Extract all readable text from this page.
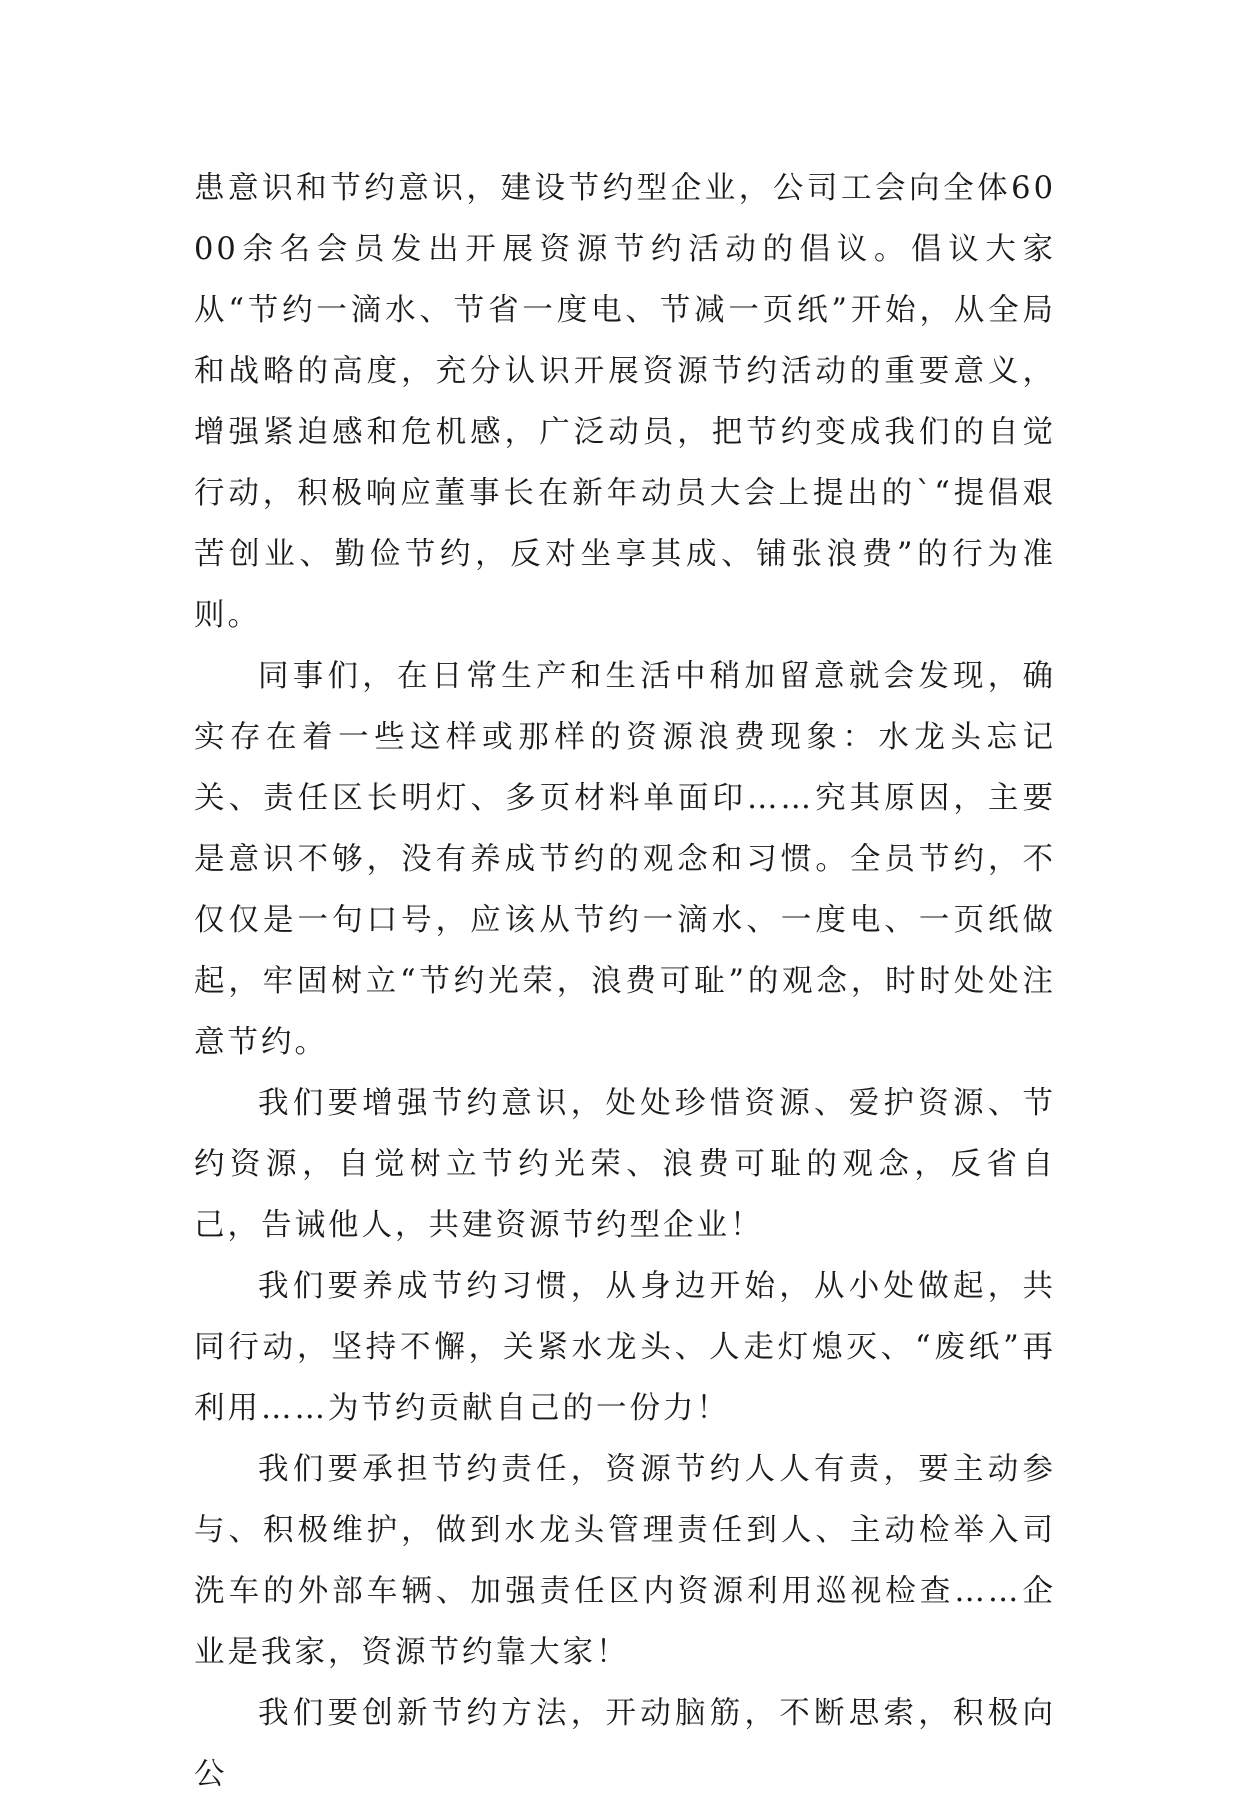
患意识和节约意识，建设节约型企业，公司工会向全体6000余名会员发出开展资源节约活动的倡议。倡议大家从“节约一滴水、节省一度电、节减一页纸”开始，从全局和战略的高度，充分认识开展资源节约活动的重要意义，增强紧迫感和危机感，广泛动员，把节约变成我们的自觉行动，积极响应董事长在新年动员大会上提出的`“提倡艰苦创业、勤俭节约，反对坐享其成、铺张浪费”的行为准则。

同事们，在日常生产和生活中稍加留意就会发现，确实存在着一些这样或那样的资源浪费现象：水龙头忘记关、责任区长明灯、多页材料单面印……究其原因，主要是意识不够，没有养成节约的观念和习惯。全员节约，不仅仅是一句口号，应该从节约一滴水、一度电、一页纸做起，牢固树立“节约光荣，浪费可耻”的观念，时时处处注意节约。

我们要增强节约意识，处处珍惜资源、爱护资源、节约资源，自觉树立节约光荣、浪费可耻的观念，反省自己，告诫他人，共建资源节约型企业！

我们要养成节约习惯，从身边开始，从小处做起，共同行动，坚持不懈，关紧水龙头、人走灯熄灭、“废纸”再利用……为节约贡献自己的一份力！

我们要承担节约责任，资源节约人人有责，要主动参与、积极维护，做到水龙头管理责任到人、主动检举入司洗车的外部车辆、加强责任区内资源利用巡视检查……企业是我家，资源节约靠大家！

我们要创新节约方法，开动脑筋，不断思索，积极向公
